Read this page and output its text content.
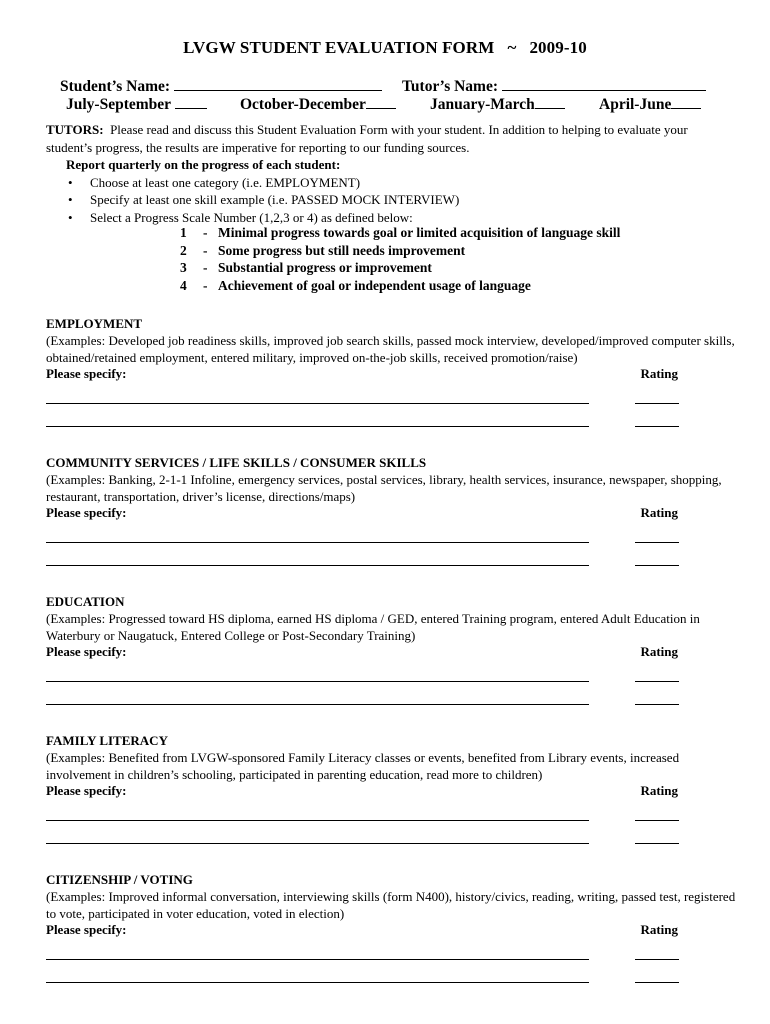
LVGW STUDENT EVALUATION FORM   ~   2009-10
Student’s Name:	Tutor’s Name:
July-September	October-December	January-March	April-June
TUTORS: Please read and discuss this Student Evaluation Form with your student. In addition to helping to evaluate your student’s progress, the results are imperative for reporting to our funding sources.
Report quarterly on the progress of each student:
• Choose at least one category (i.e. EMPLOYMENT)
• Specify at least one skill example (i.e. PASSED MOCK INTERVIEW)
• Select a Progress Scale Number (1,2,3 or 4) as defined below:
1 - Minimal progress towards goal or limited acquisition of language skill
2 - Some progress but still needs improvement
3 - Substantial progress or improvement
4 - Achievement of goal or independent usage of language
EMPLOYMENT
(Examples: Developed job readiness skills, improved job search skills, passed mock interview, developed/improved computer skills, obtained/retained employment, entered military, improved on-the-job skills, received promotion/raise)
Please specify:	Rating
COMMUNITY SERVICES / LIFE SKILLS / CONSUMER SKILLS
(Examples: Banking, 2-1-1 Infoline, emergency services, postal services, library, health services, insurance, newspaper, shopping, restaurant, transportation, driver’s license, directions/maps)
Please specify:	Rating
EDUCATION
(Examples: Progressed toward HS diploma, earned HS diploma / GED, entered Training program, entered Adult Education in Waterbury or Naugatuck, Entered College or Post-Secondary Training)
Please specify:	Rating
FAMILY LITERACY
(Examples: Benefited from LVGW-sponsored Family Literacy classes or events, benefited from Library events, increased involvement in children’s schooling, participated in parenting education, read more to children)
Please specify:	Rating
CITIZENSHIP / VOTING
(Examples: Improved informal conversation, interviewing skills (form N400), history/civics, reading, writing, passed test, registered to vote, participated in voter education, voted in election)
Please specify:	Rating
